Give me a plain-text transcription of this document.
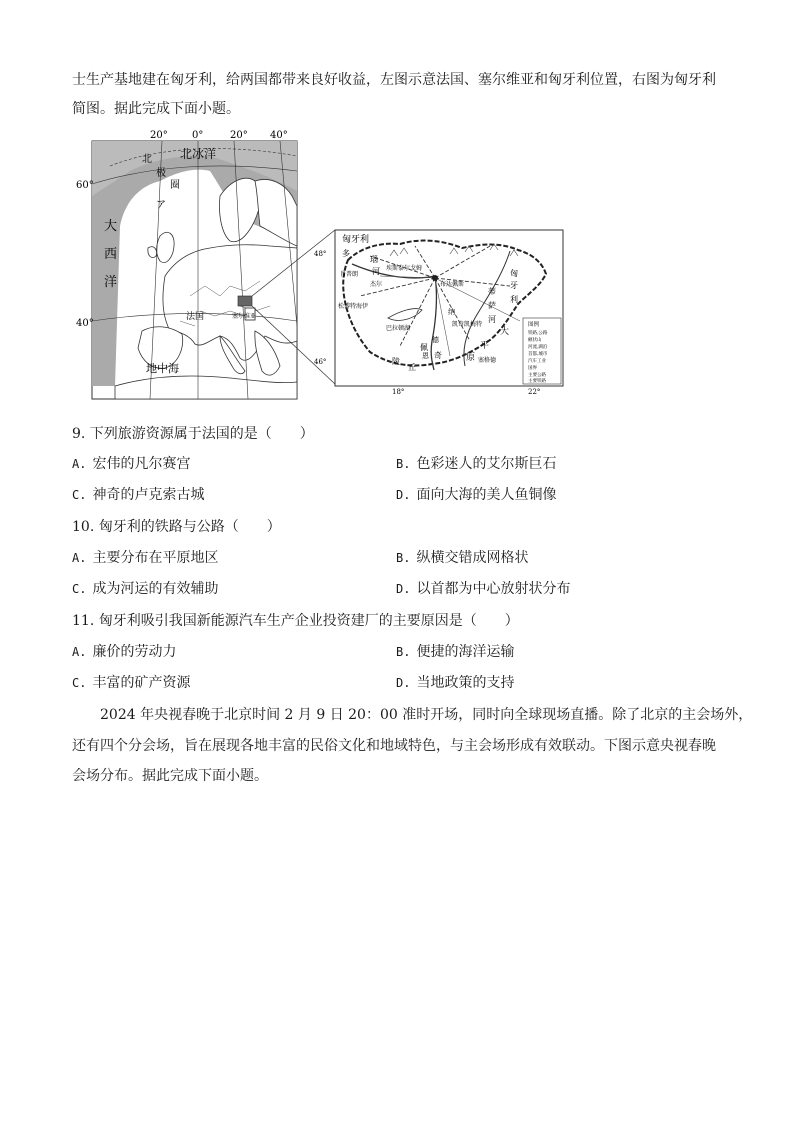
士生产基地建在匈牙利，给两国都带来良好收益，左图示意法国、塞尔维亚和匈牙利位置，右图为匈牙利
简图。据此完成下面小题。
20° 0°	20° 40°
60°
40°
北冰洋
北
极
圈
ア
大
西
洋
法国	塞尔维亚
地中海
48°
46°
18°	22°
匈牙利
多
瑙
河
肖普朗
杰尔
埃斯泰尔戈姆
布达佩斯
凯奇凯梅特
巴拉顿湖
塞格德
蒂
萨
河
匈
牙
利
大
平
原
佩
奇
陵
丘
恩
德
松博特海伊
纳
图例
铁路,公路
额状山
河流,湖泊
首都,城市
汽车工业
国界
主要公路
主要铁路
9. 下列旅游资源属于法国的是（　　）
A. 宏伟的凡尔赛宫	B. 色彩迷人的艾尔斯巨石
C. 神奇的卢克索古城	D. 面向大海的美人鱼铜像
10. 匈牙利的铁路与公路（　　）
A. 主要分布在平原地区	B. 纵横交错成网格状
C. 成为河运的有效辅助	D. 以首都为中心放射状分布
11. 匈牙利吸引我国新能源汽车生产企业投资建厂的主要原因是（　　）
A. 廉价的劳动力	B. 便捷的海洋运输
C. 丰富的矿产资源	D. 当地政策的支持
2024 年央视春晚于北京时间 2 月 9 日 20：00 准时开场，同时向全球现场直播。除了北京的主会场外，
还有四个分会场，旨在展现各地丰富的民俗文化和地域特色，与主会场形成有效联动。下图示意央视春晚
会场分布。据此完成下面小题。
